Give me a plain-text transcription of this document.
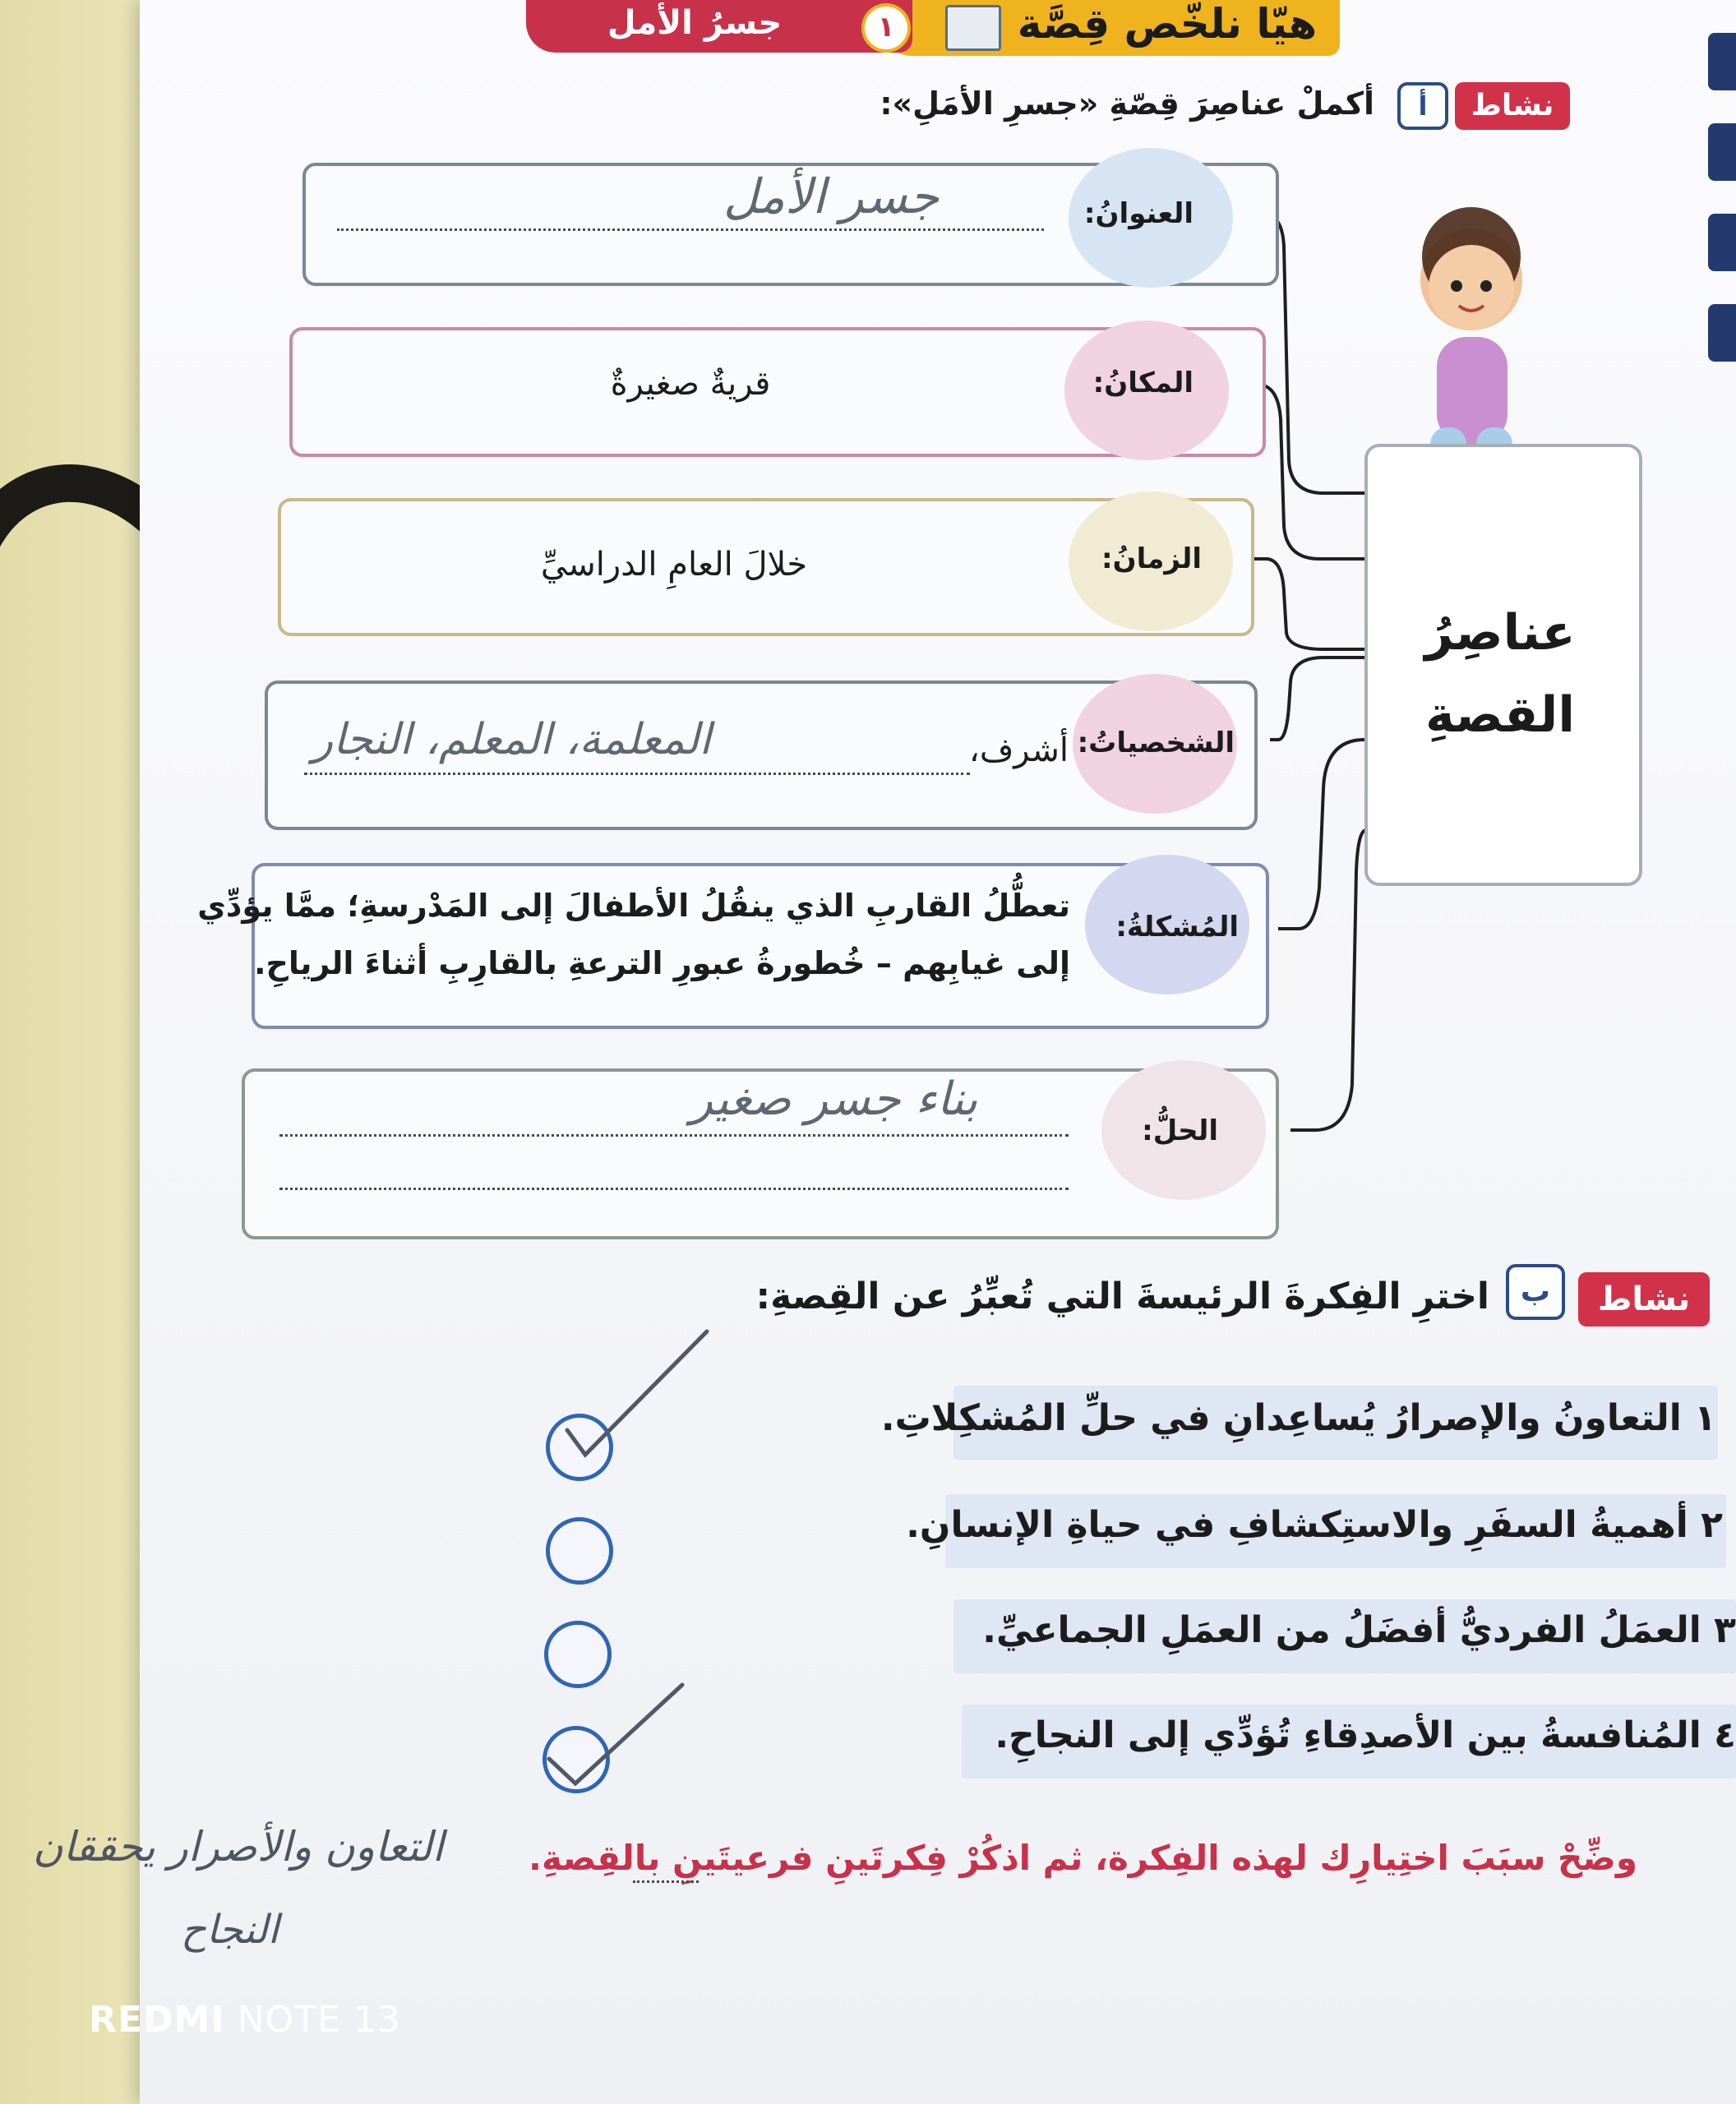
هيّا نلخّص قِصَّة
١
جسرُ الأمل
نشاط
أ
أكملْ عناصِرَ قِصّةِ «جسرِ الأمَلِ»:
عناصِرُ
القصةِ
العنوانُ:
جسر الأمل
المكانُ:
قريةٌ صغيرةٌ
الزمانُ:
خلالَ العامِ الدراسيِّ
الشخصياتُ:
أشرف،
المعلمة، المعلم، النجار
المُشكلةُ:
تعطُّلُ القاربِ الذي ينقُلُ الأطفالَ إلى المَدْرسةِ؛ ممَّا يؤدِّي
إلى غيابِهم – خُطورةُ عبورِ الترعةِ بالقارِبِ أثناءَ الرياحِ.
الحلُّ:
بناء جسر صغير
نشاط
ب
اخترِ الفِكرةَ الرئيسةَ التي تُعبِّرُ عن القِصةِ:
١ التعاونُ والإصرارُ يُساعِدانِ في حلِّ المُشكِلاتِ.
٢ أهميةُ السفَرِ والاستِكشافِ في حياةِ الإنسانِ.
٣ العمَلُ الفرديُّ أفضَلُ من العمَلِ الجماعيِّ.
٤ المُنافسةُ بين الأصدِقاءِ تُؤدِّي إلى النجاحِ.
وضِّحْ سبَبَ اختِيارِك لهذه الفِكرة، ثم اذكُرْ فِكرتَينِ فرعيتَينِ بالقِصةِ.
التعاون والأصرار يحققان
النجاح
REDMI NOTE 13
